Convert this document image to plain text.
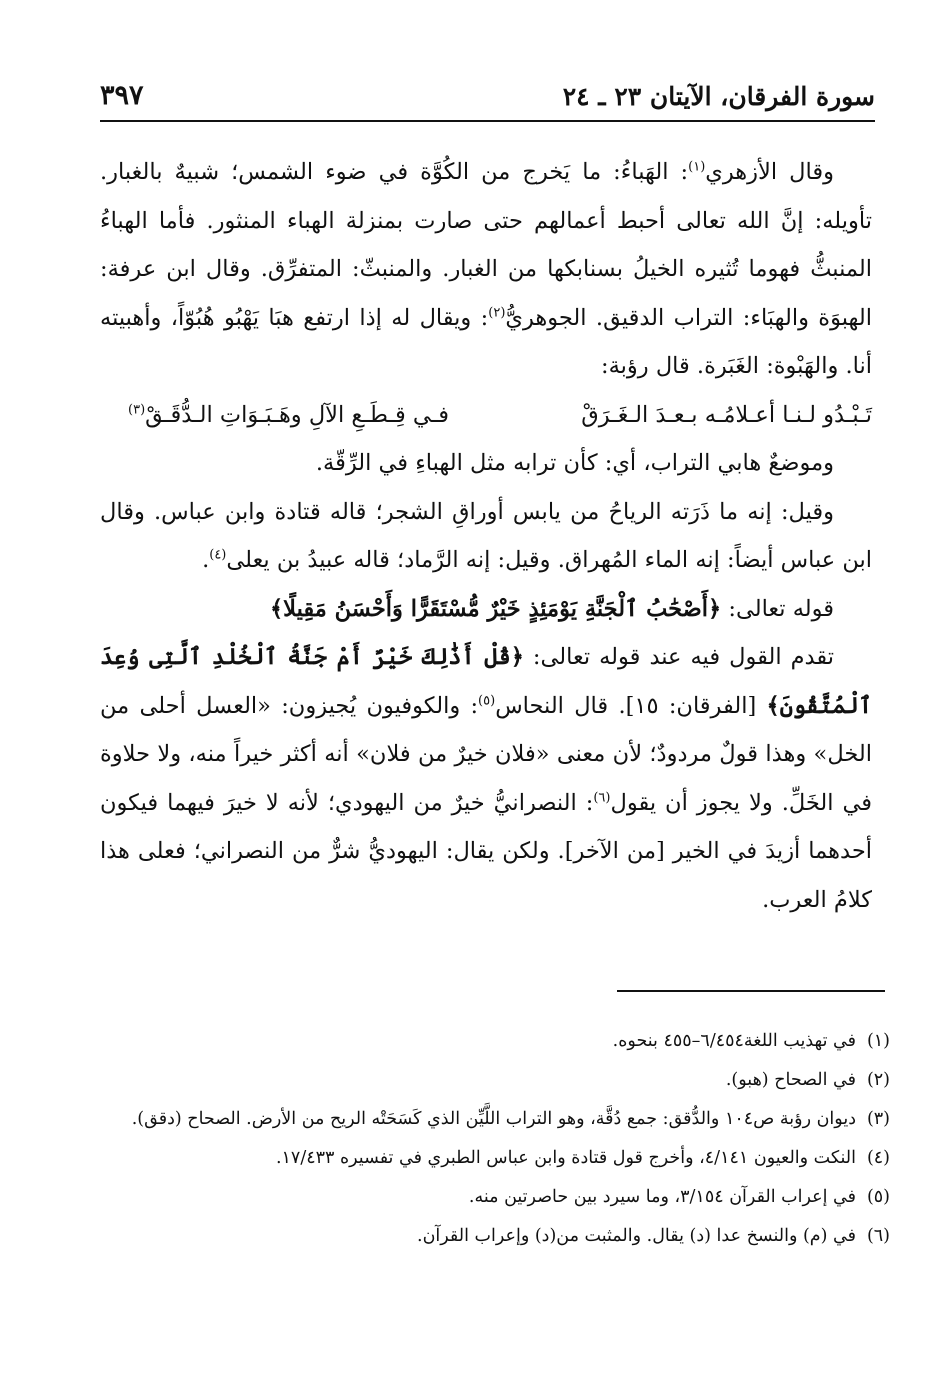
سورة الفرقان، الآيتان ٢٣ ـ ٢٤
٣٩٧

وقال الأزهري$^{(١)}$: الهَباءُ: ما يَخرج من الكُوَّة في ضوء الشمس؛ شبيهٌ بالغبار. تأويله: إنَّ الله تعالى أحبط أعمالهم حتى صارت بمنزلة الهباء المنثور. فأما الهباءُ المنبثُّ فهوما تُثيره الخيلُ بسنابكها من الغبار. والمنبثّ: المتفرِّق. وقال ابن عرفة: الهبوَة والهبَاء: التراب الدقيق. الجوهريُّ$^{(٢)}$: ويقال له إذا ارتفع هبَا يَهْبُو هُبُوّاً، وأهبيته أنا. والهَبْوة: الغَبَرة. قال رؤبة:

تَـبْـدُو لـنـا أعـلامُـه بـعـدَ الـغَـرَقْ
فـي قِـطَـعِ الآلِ وهَـبَـوَاتِ الـدُّقَـقْ$^{(٣)}$

وموضعٌ هابي التراب، أي: كأن ترابه مثل الهباءِ في الرِّقّة.

وقيل: إنه ما ذَرَته الرياحُ من يابس أوراقِ الشجر؛ قاله قتادة وابن عباس. وقال ابن عباس أيضاً: إنه الماء المُهراق. وقيل: إنه الرَّماد؛ قاله عبيدُ بن يعلى$^{(٤)}$.

قوله تعالى: ﴿أَصْحَٰبُ ٱلْجَنَّةِ يَوْمَئِذٍ خَيْرٌ مُّسْتَقَرًّا وَأَحْسَنُ مَقِيلًا﴾

تقدم القول فيه عند قوله تعالى: ﴿قُلْ أَذَٰلِكَ خَيْرٌ أَمْ جَنَّةُ ٱلْخُلْدِ ٱلَّتِى وُعِدَ ٱلْمُتَّقُونَ﴾ [الفرقان: ١٥]. قال النحاس$^{(٥)}$: والكوفيون يُجيزون: «العسل أحلى من الخل» وهذا قولٌ مردودٌ؛ لأن معنى «فلان خيرٌ من فلان» أنه أكثر خيراً منه، ولا حلاوة في الخَلِّ. ولا يجوز أن يقول$^{(٦)}$: النصرانيُّ خيرٌ من اليهودي؛ لأنه لا خيرَ فيهما فيكون أحدهما أزيدَ في الخير [من الآخر]. ولكن يقال: اليهوديُّ شرٌّ من النصراني؛ فعلى هذا كلامُ العرب.

(١)في تهذيب اللغة٦/٤٥٤–٤٥٥ بنحوه.

(٢)في الصحاح (هبو).

(٣)ديوان رؤبة ص١٠٤ والدُّقق: جمع دُقَّة، وهو التراب اللَّيِّن الذي كَسَحَتْه الريح من الأرض. الصحاح (دقق).

(٤)النكت والعيون ٤/١٤١، وأخرج قول قتادة وابن عباس الطبري في تفسيره ١٧/٤٣٣.

(٥)في إعراب القرآن ٣/١٥٤، وما سيرد بين حاصرتين منه.

(٦)في (م) والنسخ عدا (د) يقال. والمثبت من(د) وإعراب القرآن.
